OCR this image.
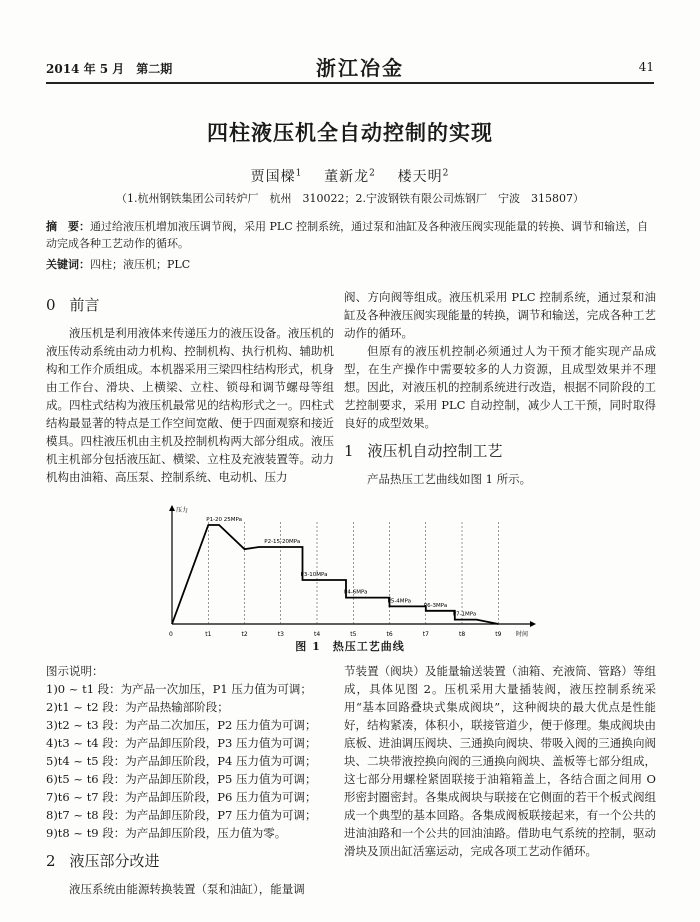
2014 年 5 月　第二期	浙江冶金	41
四柱液压机全自动控制的实现
贾国樑$^1$ 董新龙$^2$ 楼天明$^2$
（1.杭州钢铁集团公司转炉厂　杭州　310022；2.宁波钢铁有限公司炼钢厂　宁波　315807）
摘　要：通过给液压机增加液压调节阀，采用 PLC 控制系统，通过泵和油缸及各种液压阀实现能量的转换、调节和输送，自动完成各种工艺动作的循环。
关键词：四柱；液压机；PLC
0 前言

液压机是利用液体来传递压力的液压设备。液压机的液压传动系统由动力机构、控制机构、执行机构、辅助机构和工作介质组成。本机器采用三梁四柱结构形式，机身由工作台、滑块、上横梁、立柱、锁母和调节螺母等组成。四柱式结构为液压机最常见的结构形式之一。四柱式结构最显著的特点是工作空间宽敞、便于四面观察和接近模具。四柱液压机由主机及控制机构两大部分组成。液压机主机部分包括液压缸、横梁、立柱及充液装置等。动力机构由油箱、高压泵、控制系统、电动机、压力

阀、方向阀等组成。液压机采用 PLC 控制系统，通过泵和油缸及各种液压阀实现能量的转换，调节和输送，完成各种工艺动作的循环。

但原有的液压机控制必须通过人为干预才能实现产品成型，在生产操作中需要较多的人力资源，且成型效果并不理想。因此，对液压机的控制系统进行改造，根据不同阶段的工艺控制要求，采用 PLC 自动控制，减少人工干预，同时取得良好的成型效果。

1 液压机自动控制工艺

产品热压工艺曲线如图 1 所示。

压力
时间
0	t1	t2	t3	t4	t5	t6	t7	t8	t9
P1-20 25MPa
P2-15-20MPa
P3-10MPa
P4-6MPa
P5-4MPa
P6-3MPa
P7-1MPa
图 1　热压工艺曲线
图示说明：
1)0 ~ t1 段：为产品一次加压，P1 压力值为可调；
2)t1 ~ t2 段：为产品热输部阶段；
3)t2 ~ t3 段：为产品二次加压，P2 压力值为可调；
4)t3 ~ t4 段：为产品卸压阶段，P3 压力值为可调；
5)t4 ~ t5 段：为产品卸压阶段，P4 压力值为可调；
6)t5 ~ t6 段：为产品卸压阶段，P5 压力值为可调；
7)t6 ~ t7 段：为产品卸压阶段，P6 压力值为可调；
8)t7 ~ t8 段：为产品卸压阶段，P7 压力值为可调；
9)t8 ~ t9 段：为产品卸压阶段，压力值为零。
2 液压部分改进

液压系统由能源转换装置（泵和油缸），能量调

节装置（阀块）及能量输送装置（油箱、充液筒、管路）等组成，具体见图 2。压机采用大量插装阀，液压控制系统采用“基本回路叠块式集成阀块”，这种阀块的最大优点是性能好，结构紧凑，体积小，联接管道少，便于修理。集成阀块由底板、进油调压阀块、三通换向阀块、带吸入阀的三通换向阀块、二块带液控换向阀的三通换向阀块、盖板等七部分组成，这七部分用螺栓紧固联接于油箱箱盖上，各结合面之间用 O 形密封圈密封。各集成阀块与联接在它侧面的若干个板式阀组成一个典型的基本回路。各集成阀板联接起来，有一个公共的进油油路和一个公共的回油油路。借助电气系统的控制，驱动滑块及顶出缸活塞运动，完成各项工艺动作循环。
